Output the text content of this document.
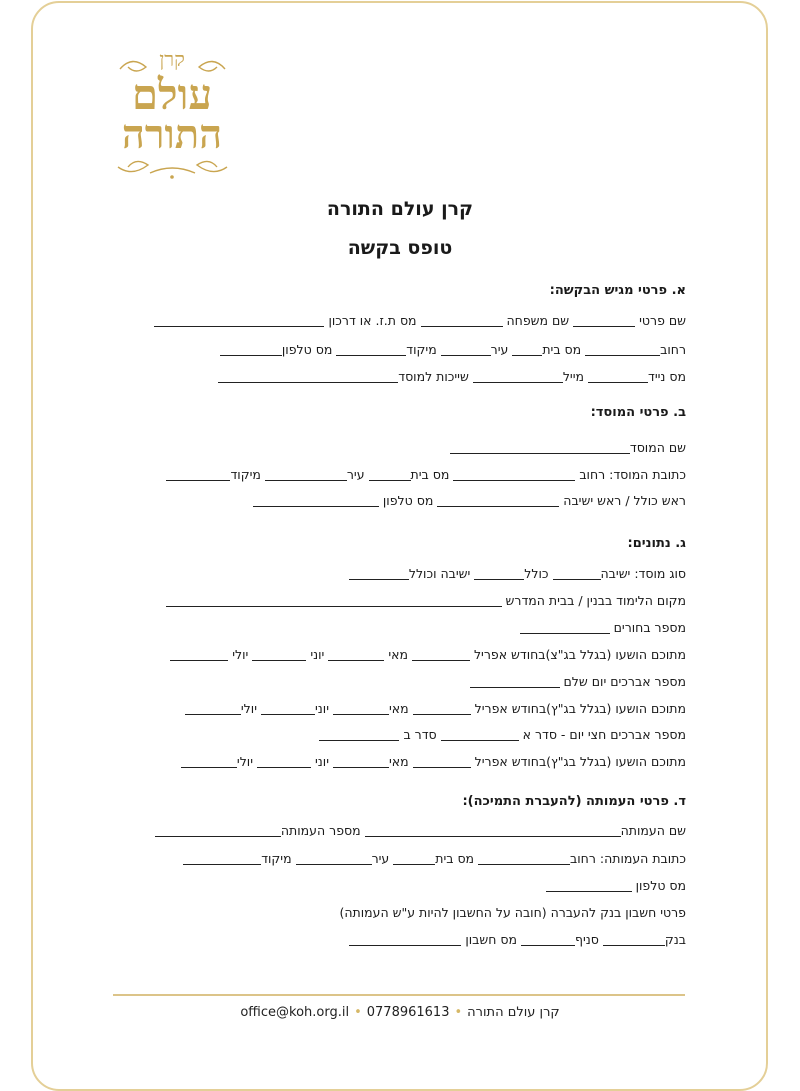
קרן
עולם
התורה
קרן עולם התורה
טופס בקשה
א. פרטי מגיש הבקשה:
שם פרטי  שם משפחה  מס ת.ז. או דרכון
רחוב מס בית עיר מיקוד מס טלפון
מס נייד מייל שייכות למוסד
ב. פרטי המוסד:
שם המוסד
כתובת המוסד: רחוב  מס בית עיר מיקוד
ראש כולל / ראש ישיבה  מס טלפון
ג. נתונים:
סוג מוסד: ישיבה כולל ישיבה וכולל
מקום הלימוד בבנין / בבית המדרש
מספר בחורים
מתוכם הושעו (בגלל בג"צ)בחודש אפריל  מאי  יוני  יולי
מספר אברכים יום שלם
מתוכם הושעו (בגלל בג"ץ)בחודש אפריל  מאי יוני יולי
מספר אברכים חצי יום - סדר א  סדר ב
מתוכם הושעו (בגלל בג"ץ)בחודש אפריל  מאי יוני  יולי
ד. פרטי העמותה (להעברת התמיכה):
שם העמותה מספר העמותה
כתובת העמותה: רחוב מס בית עיר מיקוד
מס טלפון
פרטי חשבון בנק להעברה (חובה על החשבון להיות ע"ש העמותה)
בנק סניף מס חשבון
קרן עולם התורה•0778961613•office@koh.org.il
